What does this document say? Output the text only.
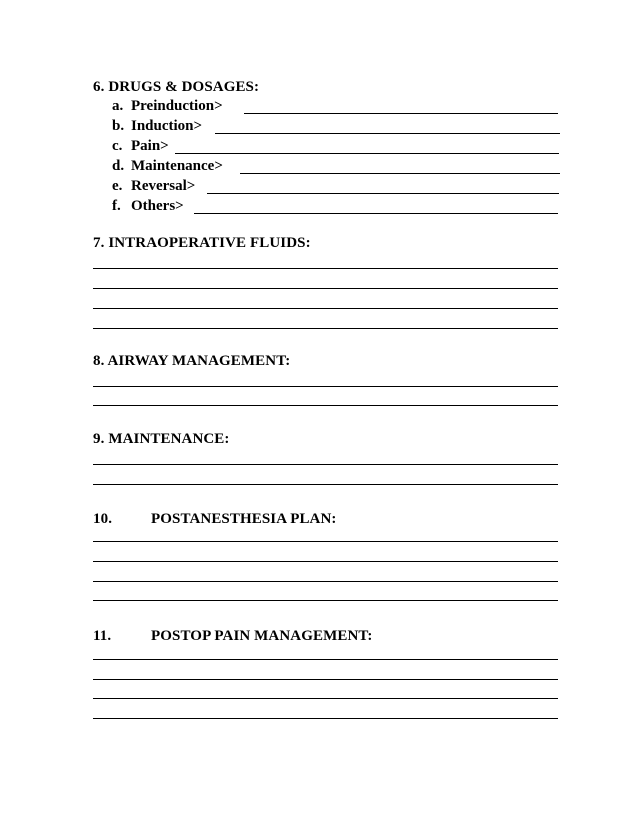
6. DRUGS & DOSAGES:
a. Preinduction>
b. Induction>
c. Pain>
d. Maintenance>
e. Reversal>
f. Others>
7. INTRAOPERATIVE FLUIDS:
8. AIRWAY MANAGEMENT:
9. MAINTENANCE:
10.	POSTANESTHESIA PLAN:
11.	POSTOP PAIN MANAGEMENT:
